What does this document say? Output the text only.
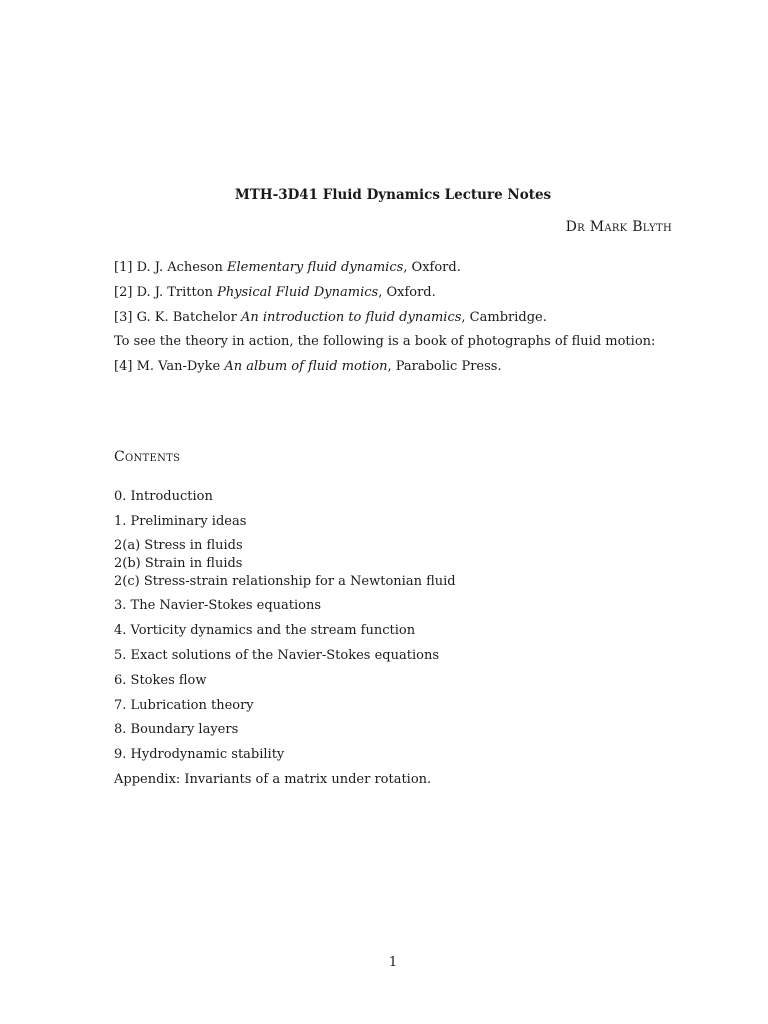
MTH-3D41 Fluid Dynamics Lecture Notes
Dr Mark Blyth
[1] D. J. Acheson Elementary fluid dynamics, Oxford.
[2] D. J. Tritton Physical Fluid Dynamics, Oxford.
[3] G. K. Batchelor An introduction to fluid dynamics, Cambridge.
To see the theory in action, the following is a book of photographs of fluid motion:
[4] M. Van-Dyke An album of fluid motion, Parabolic Press.
Contents
0. Introduction
1. Preliminary ideas
2(a) Stress in fluids
2(b) Strain in fluids
2(c) Stress-strain relationship for a Newtonian fluid
3. The Navier-Stokes equations
4. Vorticity dynamics and the stream function
5. Exact solutions of the Navier-Stokes equations
6. Stokes flow
7. Lubrication theory
8. Boundary layers
9. Hydrodynamic stability
Appendix: Invariants of a matrix under rotation.
1
